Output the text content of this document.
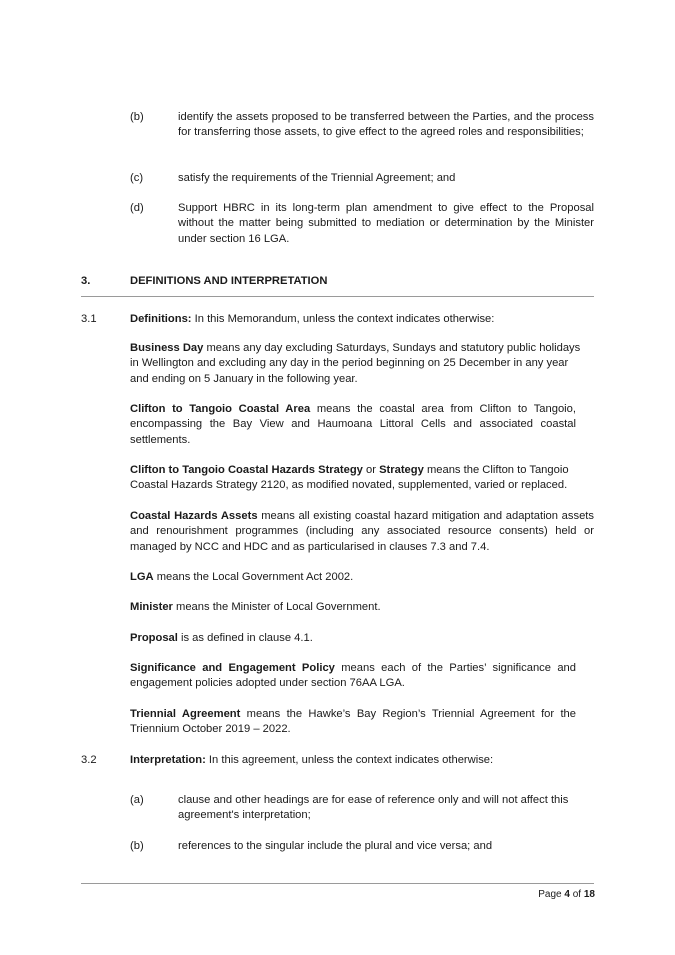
(b)	identify the assets proposed to be transferred between the Parties, and the process for transferring those assets, to give effect to the agreed roles and responsibilities;
(c)	satisfy the requirements of the Triennial Agreement; and
(d)	Support HBRC in its long-term plan amendment to give effect to the Proposal without the matter being submitted to mediation or determination by the Minister under section 16 LGA.
3.	DEFINITIONS AND INTERPRETATION
3.1	Definitions: In this Memorandum, unless the context indicates otherwise:
Business Day means any day excluding Saturdays, Sundays and statutory public holidays in Wellington and excluding any day in the period beginning on 25 December in any year and ending on 5 January in the following year.
Clifton to Tangoio Coastal Area means the coastal area from Clifton to Tangoio, encompassing the Bay View and Haumoana Littoral Cells and associated coastal settlements.
Clifton to Tangoio Coastal Hazards Strategy or Strategy means the Clifton to Tangoio Coastal Hazards Strategy 2120, as modified novated, supplemented, varied or replaced.
Coastal Hazards Assets means all existing coastal hazard mitigation and adaptation assets and renourishment programmes (including any associated resource consents) held or managed by NCC and HDC and as particularised in clauses 7.3 and 7.4.
LGA means the Local Government Act 2002.
Minister means the Minister of Local Government.
Proposal is as defined in clause 4.1.
Significance and Engagement Policy means each of the Parties’ significance and engagement policies adopted under section 76AA LGA.
Triennial Agreement means the Hawke’s Bay Region’s Triennial Agreement for the Triennium October 2019 – 2022.
3.2	Interpretation: In this agreement, unless the context indicates otherwise:
(a)	clause and other headings are for ease of reference only and will not affect this agreement's interpretation;
(b)	references to the singular include the plural and vice versa; and
Page 4 of 18
